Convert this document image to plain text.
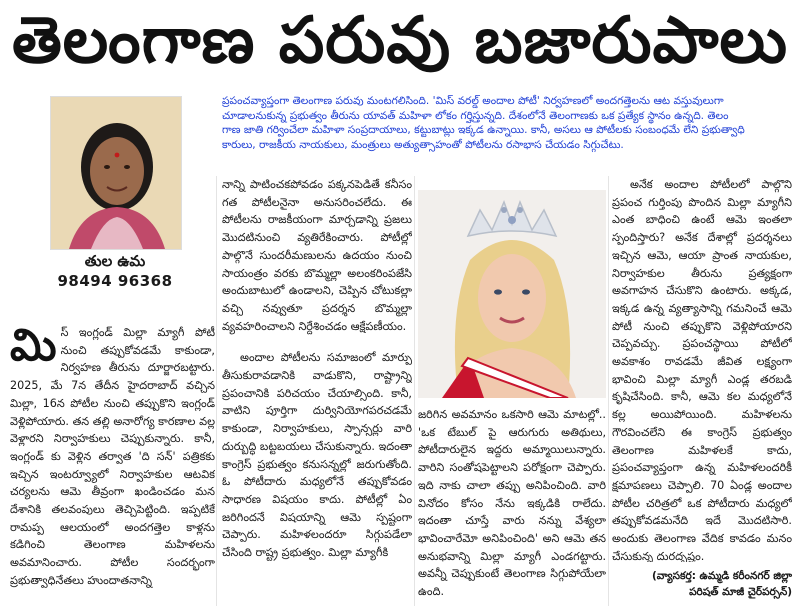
తెలంగాణ పరువు బజారుపాలు
తుల ఉమ
98494 96368
ప్రపంచవ్యాప్తంగా తెలంగాణ పరువు మంటగలిసింది. 'మిస్ వరల్డ్ అందాల పోటీ' నిర్వహణలో అందగత్తెలను ఆట వస్తువులుగా
చూడాలనుకున్న ప్రభుత్వం తీరును యావత్ మహిళా లోకం గర్హిస్తున్నది. దేశంలోనే తెలంగాణకు ఒక ప్రత్యేక స్థానం ఉన్నది. తెలం
గాణ జాతి గర్వించేలా మహిళా సంప్రదాయాలు, కట్టుబాట్లు ఇక్కడ ఉన్నాయి. కానీ, అసలు ఆ పోటీలకు సంబంధమే లేని ప్రభుత్వాధి
కారులు, రాజకీయ నాయకులు, మంత్రులు అత్యుత్సాహంతో పోటీలను రసాభాస చేయడం సిగ్గుచేటు.

మిస్ ఇంగ్లండ్ మిల్లా మ్యాగీ పోటీ నుంచి తప్పుకోవడమే కాకుండా, నిర్వహణ తీరును దూర్జారబట్టారు. 2025, మే 7న తేదీన హైదరాబాద్ వచ్చిన మిల్లా, 16న పోటీల నుంచి తప్పుకొని ఇంగ్లండ్ వెళ్లిపోయారు. తన తల్లి అనారోగ్య కారణాల వల్ల వెళ్లారని నిర్వాహకులు చెప్పుకున్నారు. కానీ, ఇంగ్లండ్ కు వెళ్లిన తర్వాత 'ది సన్' పత్రికకు ఇచ్చిన ఇంటర్వ్యూలో నిర్వాహకుల ఆటవిక చర్యలను ఆమె తీవ్రంగా ఖండించడం మన దేశానికి తలవంపులు తెచ్చిపెట్టింది. ఇప్పటికే రామప్ప ఆలయంలో అందగత్తెల కాళ్లను కడిగించి తెలంగాణ మహిళలను అవమానించారు. పోటీల సందర్భంగా ప్రభుత్వాధినేతలు హుందాతనాన్ని

నాన్ని పాటించకపోవడం పక్కనపెడితే కనీసం గత పోటీలనైనా అనుసరించలేదు. ఈ పోటీలను రాజకీయంగా మార్చడాన్ని ప్రజలు మొదటినుంచి వ్యతిరేకించారు. పోటీల్లో పాల్గొనే సుందరీమణులను ఉదయం నుంచి సాయంత్రం వరకు బొమ్మల్లా అలంకరింపజేసి అందుబాటులో ఉండాలని, చెప్పిన చోటుకల్లా వచ్చి నవ్వుతూ ప్రదర్శన బొమ్మల్లా వ్యవహరించాలని నిర్దేశించడం ఆక్షేపణీయం.

అందాల పోటీలను సమాజంలో మార్పు తీసుకురావడానికి వాడుకొని, రాష్ట్రాన్ని ప్రపంచానికి పరిచయం చేయాల్సింది. కానీ, వాటిని పూర్తిగా దుర్వినియోగపరచడమే కాకుండా, నిర్వాహకులు, స్పాన్సర్లు వారి దుర్బుద్ధి బట్టబయలు చేసుకున్నారు. ఇదంతా కాంగ్రెస్ ప్రభుత్వం కనుసన్నల్లో జరుగుతోంది. ఓ పోటీదారు మధ్యలోనే తప్పుకోవడం సాధారణ విషయం కాదు. పోటీల్లో ఏం జరిగిందనే విషయాన్ని ఆమె స్పష్టంగా చెప్పారు. మహిళలందరూ సిగ్గుపడేలా చేసింది రాష్ట్ర ప్రభుత్వం. మిల్లా మ్యాగీకి

జరిగిన అవమానం ఒకసారి ఆమె మాటల్లో.. 'ఒక టేబుల్ పై ఆరుగురు అతిథులు, పోటీదారులైన ఇద్దరు అమ్మాయిలున్నారు. వారిని సంతోషపెట్టాలని పరోక్షంగా చెప్పారు. ఇది నాకు చాలా తప్పు అనిపించింది. వారి వినోదం కోసం నేను ఇక్కడికి రాలేదు. ఇదంతా చూస్తే వారు నన్ను వేశ్యలా భావించారేమో అనిపించింది' అని ఆమె తన అనుభవాన్ని మిల్లా మ్యాగీ ఎండగట్టారు. అవన్నీ చెప్పుకుంటే తెలంగాణ సిగ్గుపోయేలా ఉంది.

అనేక అందాల పోటీలలో పాల్గొని ప్రపంచ గుర్తింపు పొందిన మిల్లా మ్యాగీని ఎంత బాధించి ఉంటే ఆమె ఇంతలా స్పందిస్తారు? అనేక దేశాల్లో ప్రదర్శనలు ఇచ్చిన ఆమె, ఆయా ప్రాంత నాయకుల, నిర్వాహకుల తీరును ప్రత్యక్షంగా అవగాహన చేసుకొని ఉంటారు. అక్కడ, ఇక్కడ ఉన్న వ్యత్యాసాన్ని గమనించే ఆమె పోటీ నుంచి తప్పుకొని వెళ్లిపోయారని చెప్పవచ్చు. ప్రపంచస్థాయి పోటీలో అవకాశం రావడమే జీవిత లక్ష్యంగా భావించి మిల్లా మ్యాగీ ఎండ్ల తరబడి కృషిచేసింది. కానీ, ఆమె కల మధ్యలోనే కల్ల అయిపోయింది. మహిళలను గౌరవించలేని ఈ కాంగ్రెస్ ప్రభుత్వం తెలంగాణ మహిళలకే కాదు, ప్రపంచవ్యాప్తంగా ఉన్న మహిళలందరికీ క్షమాపణలు చెప్పాలి. 70 ఏండ్ల అందాల పోటీల చరిత్రలో ఒక పోటీదారు మధ్యలో తప్పుకోవడమనేది ఇదే మొదటిసారి. అందుకు తెలంగాణ వేదిక కావడం మనం చేసుకున్న దురదృష్టం.

(వ్యాసకర్త: ఉమ్మడి కరీంనగర్ జిల్లా
పరిషత్ మాజీ చైర్‌పర్సన్)
